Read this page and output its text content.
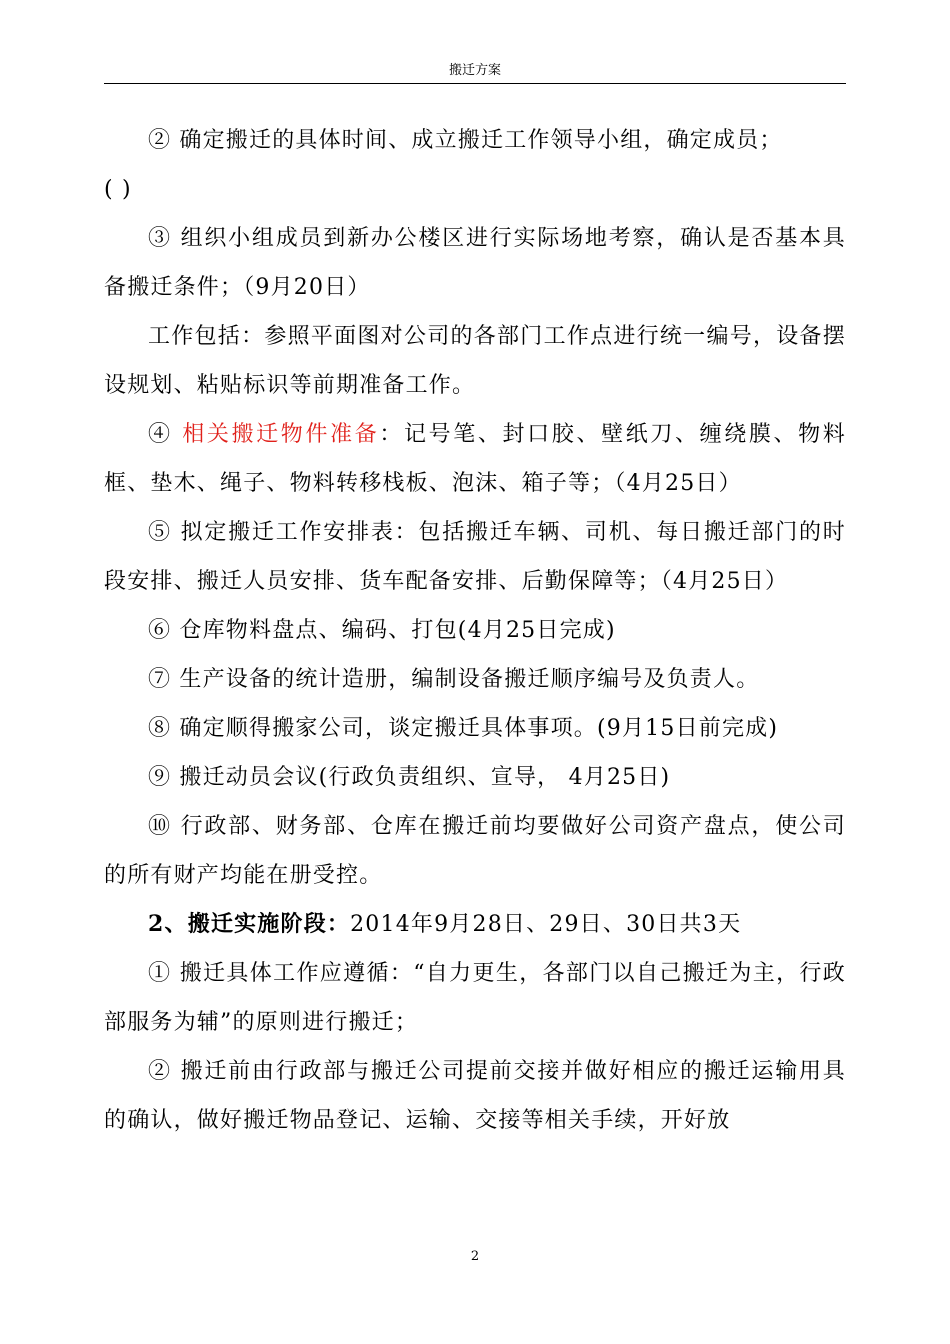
搬迁方案

② 确定搬迁的具体时间、成立搬迁工作领导小组，确定成员；

( )

③ 组织小组成员到新办公楼区进行实际场地考察，确认是否基本具备搬迁条件；（9月20日）

工作包括：参照平面图对公司的各部门工作点进行统一编号，设备摆设规划、粘贴标识等前期准备工作。

④ 相关搬迁物件准备：记号笔、封口胶、壁纸刀、缠绕膜、物料框、垫木、绳子、物料转移栈板、泡沫、箱子等；（4月25日）

⑤ 拟定搬迁工作安排表：包括搬迁车辆、司机、每日搬迁部门的时段安排、搬迁人员安排、货车配备安排、后勤保障等；（4月25日）

⑥ 仓库物料盘点、编码、打包(4月25日完成)

⑦ 生产设备的统计造册，编制设备搬迁顺序编号及负责人。

⑧ 确定顺得搬家公司，谈定搬迁具体事项。(9月15日前完成)

⑨ 搬迁动员会议(行政负责组织、宣导， 4月25日)

⑩ 行政部、财务部、仓库在搬迁前均要做好公司资产盘点，使公司的所有财产均能在册受控。

2、搬迁实施阶段：2014年9月28日、29日、30日共3天

① 搬迁具体工作应遵循：“自力更生，各部门以自己搬迁为主，行政部服务为辅”的原则进行搬迁；

② 搬迁前由行政部与搬迁公司提前交接并做好相应的搬迁运输用具的确认，做好搬迁物品登记、运输、交接等相关手续，开好放

2
